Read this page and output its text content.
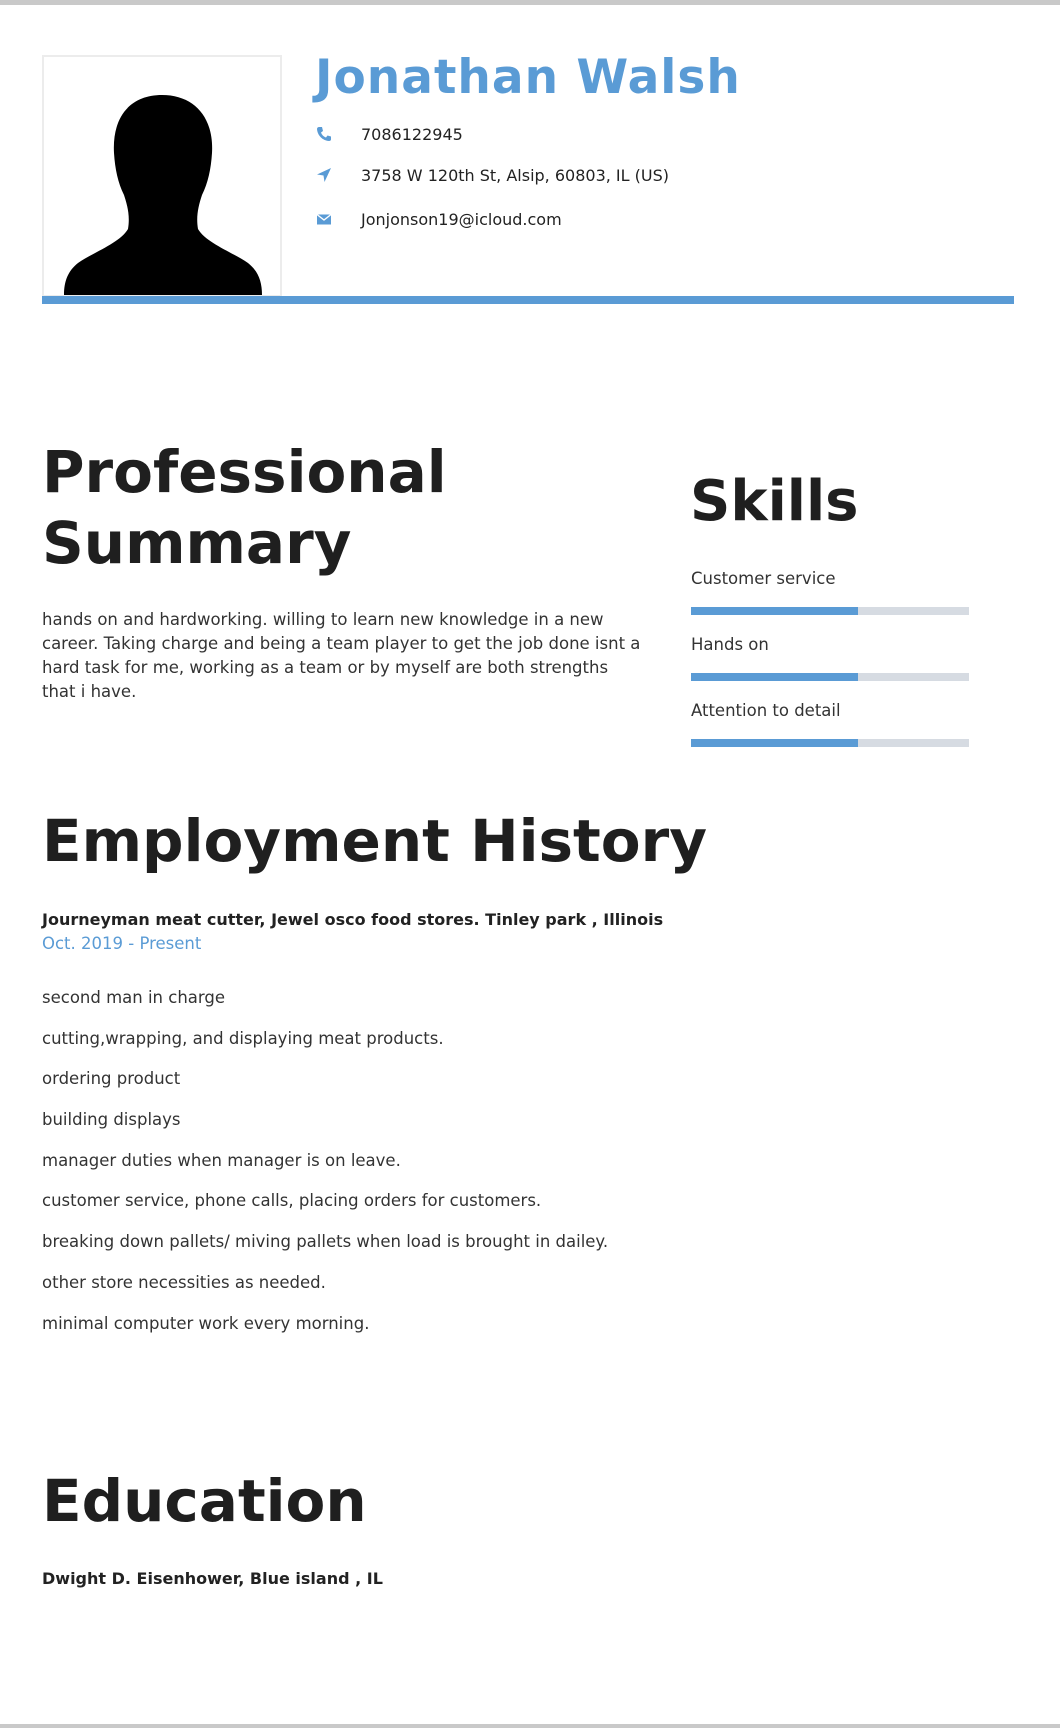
Jonathan Walsh
7086122945
3758 W 120th St, Alsip, 60803, IL (US)
Jonjonson19@icloud.com
Professional
Summary

hands on and hardworking. willing to learn new knowledge in a new career. Taking charge and being a team player to get the job done isnt a hard task for me, working as a team or by myself are both strengths that i have.

Skills
Customer service
Hands on
Attention to detail
Employment History

Journeyman meat cutter, Jewel osco food stores. Tinley park , Illinois

Oct. 2019 - Present

second man in charge
cutting,wrapping, and displaying meat products.
ordering product
building displays
manager duties when manager is on leave.
customer service, phone calls, placing orders for customers.
breaking down pallets/ miving pallets when load is brought in dailey.
other store necessities as needed.
minimal computer work every morning.
Education

Dwight D. Eisenhower, Blue island , IL
